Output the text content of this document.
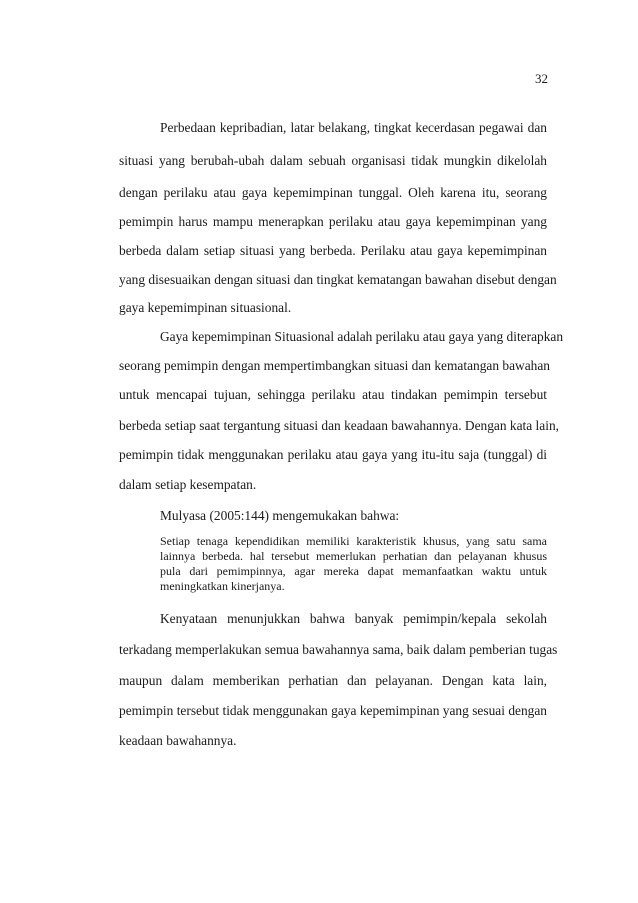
32
Perbedaan kepribadian, latar belakang, tingkat kecerdasan pegawai dan
situasi yang berubah-ubah dalam sebuah organisasi tidak mungkin dikelolah
dengan perilaku atau gaya kepemimpinan tunggal. Oleh karena itu, seorang
pemimpin harus mampu menerapkan perilaku atau gaya kepemimpinan yang
berbeda dalam setiap situasi yang berbeda. Perilaku atau gaya kepemimpinan
yang disesuaikan dengan situasi dan tingkat kematangan bawahan disebut dengan
gaya kepemimpinan situasional.
Gaya kepemimpinan Situasional adalah perilaku atau gaya yang diterapkan
seorang pemimpin dengan mempertimbangkan situasi dan kematangan bawahan
untuk mencapai tujuan, sehingga perilaku atau tindakan pemimpin tersebut
berbeda setiap saat tergantung situasi dan keadaan bawahannya. Dengan kata lain,
pemimpin tidak menggunakan perilaku atau gaya yang itu-itu saja (tunggal) di
dalam setiap kesempatan.
Mulyasa (2005:144) mengemukakan bahwa:
Setiap tenaga kependidikan memiliki karakteristik khusus, yang satu sama
lainnya berbeda. hal tersebut memerlukan perhatian dan pelayanan khusus
pula dari pemimpinnya, agar mereka dapat memanfaatkan waktu untuk
meningkatkan kinerjanya.
Kenyataan menunjukkan bahwa banyak pemimpin/kepala sekolah
terkadang memperlakukan semua bawahannya sama, baik dalam pemberian tugas
maupun dalam memberikan perhatian dan pelayanan. Dengan kata lain,
pemimpin tersebut tidak menggunakan gaya kepemimpinan yang sesuai dengan
keadaan bawahannya.
